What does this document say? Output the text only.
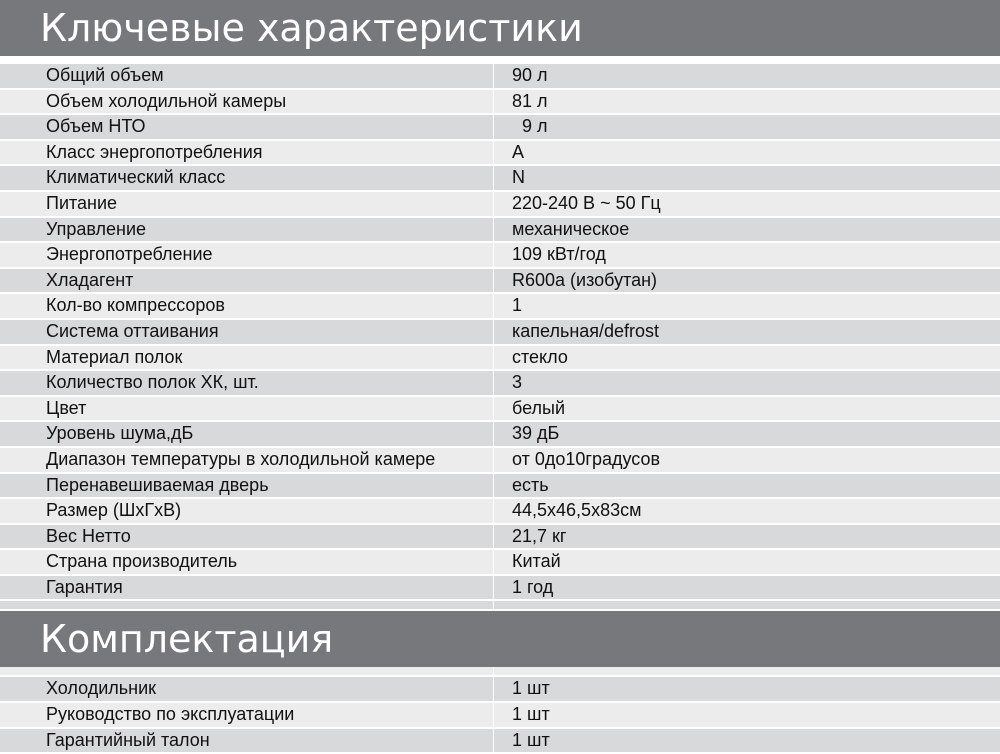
Ключевые характеристики
Общий объем	90 л
Объем холодильной камеры	81 л
Объем НТО	9 л
Класс энергопотребления	А
Климатический класс	N
Питание	220-240 В ~ 50 Гц
Управление	механическое
Энергопотребление	109 кВт/год
Хладагент	R600a (изобутан)
Кол-во компрессоров	1
Система оттаивания	капельная/defrost
Материал полок	стекло
Количество полок ХК, шт.	3
Цвет	белый
Уровень шума,дБ	39 дБ
Диапазон температуры в холодильной камере	от 0до10градусов
Перенавешиваемая дверь	есть
Размер (ШхГхВ)	44,5х46,5х83см
Вес Нетто	21,7 кг
Страна производитель	Китай
Гарантия	1 год
Комплектация
Холодильник	1 шт
Руководство по эксплуатации	1 шт
Гарантийный талон	1 шт
